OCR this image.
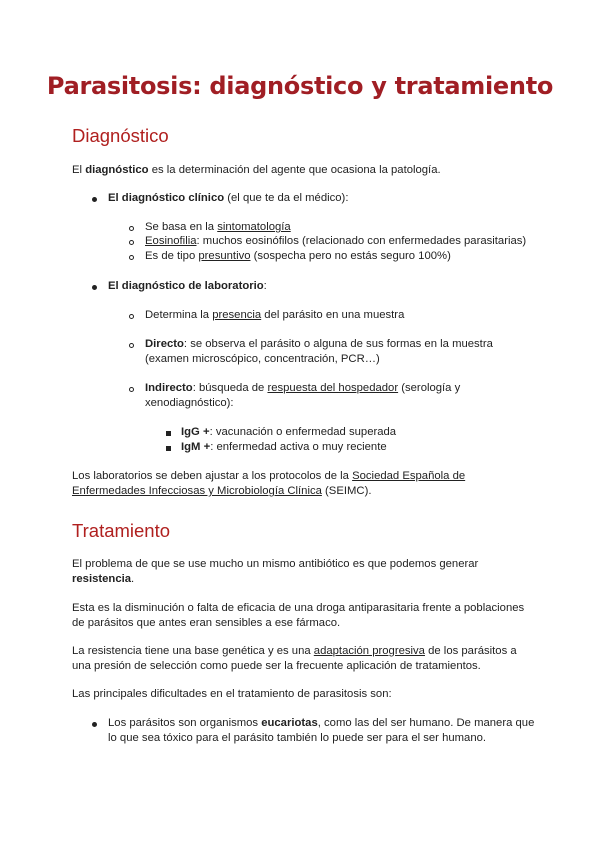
Parasitosis: diagnóstico y tratamiento
Diagnóstico
El diagnóstico es la determinación del agente que ocasiona la patología.
El diagnóstico clínico (el que te da el médico):
Se basa en la sintomatología
Eosinofilia: muchos eosinófilos (relacionado con enfermedades parasitarias)
Es de tipo presuntivo (sospecha pero no estás seguro 100%)
El diagnóstico de laboratorio:
Determina la presencia del parásito en una muestra
Directo: se observa el parásito o alguna de sus formas en la muestra
(examen microscópico, concentración, PCR…)
Indirecto: búsqueda de respuesta del hospedador (serología y
xenodiagnóstico):
IgG +: vacunación o enfermedad superada
IgM +: enfermedad activa o muy reciente
Los laboratorios se deben ajustar a los protocolos de la Sociedad Española de
Enfermedades Infecciosas y Microbiología Clínica (SEIMC).
Tratamiento
El problema de que se use mucho un mismo antibiótico es que podemos generar
resistencia.
Esta es la disminución o falta de eficacia de una droga antiparasitaria frente a poblaciones
de parásitos que antes eran sensibles a ese fármaco.
La resistencia tiene una base genética y es una adaptación progresiva de los parásitos a
una presión de selección como puede ser la frecuente aplicación de tratamientos.
Las principales dificultades en el tratamiento de parasitosis son:
Los parásitos son organismos eucariotas, como las del ser humano. De manera que
lo que sea tóxico para el parásito también lo puede ser para el ser humano.
